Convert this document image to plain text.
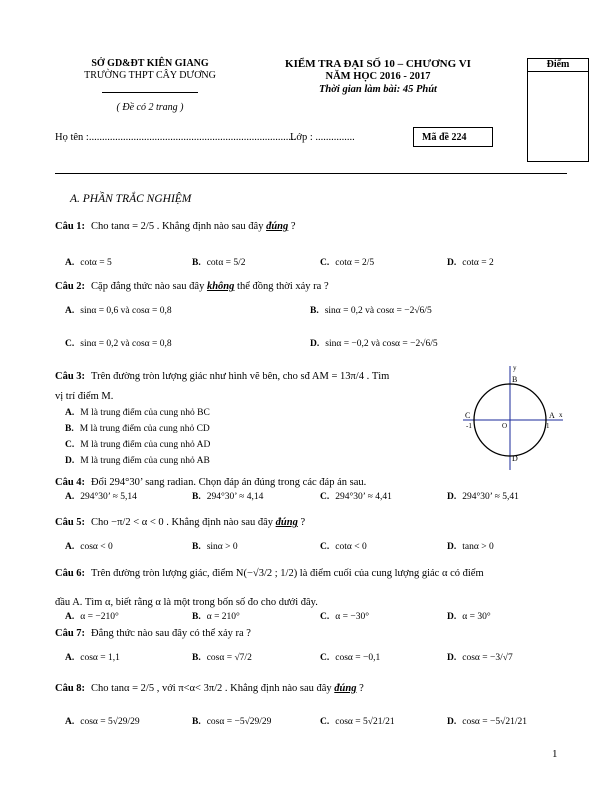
SỞ GD&ĐT KIÊN GIANG
TRƯỜNG THPT CÂY DƯƠNG
( Đề có 2 trang )
KIỂM TRA ĐẠI SỐ 10 – CHƯƠNG VI
NĂM HỌC 2016 - 2017
Thời gian làm bài: 45 Phút
Điểm
Họ tên :...............................................................................
Lớp : ...............	Mã đề 224
A. PHẦN TRẮC NGHIỆM
Câu 1: Cho tanα = 2/5 . Khẳng định nào sau đây đúng ?
A. cotα = 5	B. cotα = 5/2	C. cotα = 2/5	D. cotα = 2
Câu 2: Cặp đẳng thức nào sau đây không thể đồng thời xảy ra ?
A. sinα = 0,6 và cosα = 0,8	B. sinα = 0,2 và cosα = −2√6/5
C. sinα = 0,2 và cosα = 0,8	D. sinα = −0,2 và cosα = −2√6/5
Câu 3: Trên đường tròn lượng giác như hình vẽ bên, cho sđ AM = 13π/4 . Tìm
vị trí điểm M.
A. M là trung điểm của cung nhỏ BC
B. M là trung điểm của cung nhỏ CD
C. M là trung điểm của cung nhỏ AD
D. M là trung điểm của cung nhỏ AB
B
D
C	A
O
-1	1
y
x
Câu 4: Đổi 294°30’ sang radian. Chọn đáp án đúng trong các đáp án sau.
A. 294°30’ ≈ 5,14	B. 294°30’ ≈ 4,14	C. 294°30’ ≈ 4,41	D. 294°30’ ≈ 5,41
Câu 5: Cho −π/2 < α < 0 . Khẳng định nào sau đây đúng ?
A. cosα < 0	B. sinα > 0	C. cotα < 0	D. tanα > 0
Câu 6: Trên đường tròn lượng giác, điểm N(−√3/2 ; 1/2) là điểm cuối của cung lượng giác α có điểm
đầu A. Tìm α, biết rằng α là một trong bốn số đo cho dưới đây.
A. α = −210°	B. α = 210°	C. α = −30°	D. α = 30°
Câu 7: Đẳng thức nào sau đây có thể xảy ra ?
A. cosα = 1,1	B. cosα = √7/2	C. cosα = −0,1	D. cosα = −3/√7
Câu 8: Cho tanα = 2/5 , với π<α< 3π/2 . Khẳng định nào sau đây đúng ?
A. cosα = 5√29/29	B. cosα = −5√29/29	C. cosα = 5√21/21	D. cosα = −5√21/21
1
